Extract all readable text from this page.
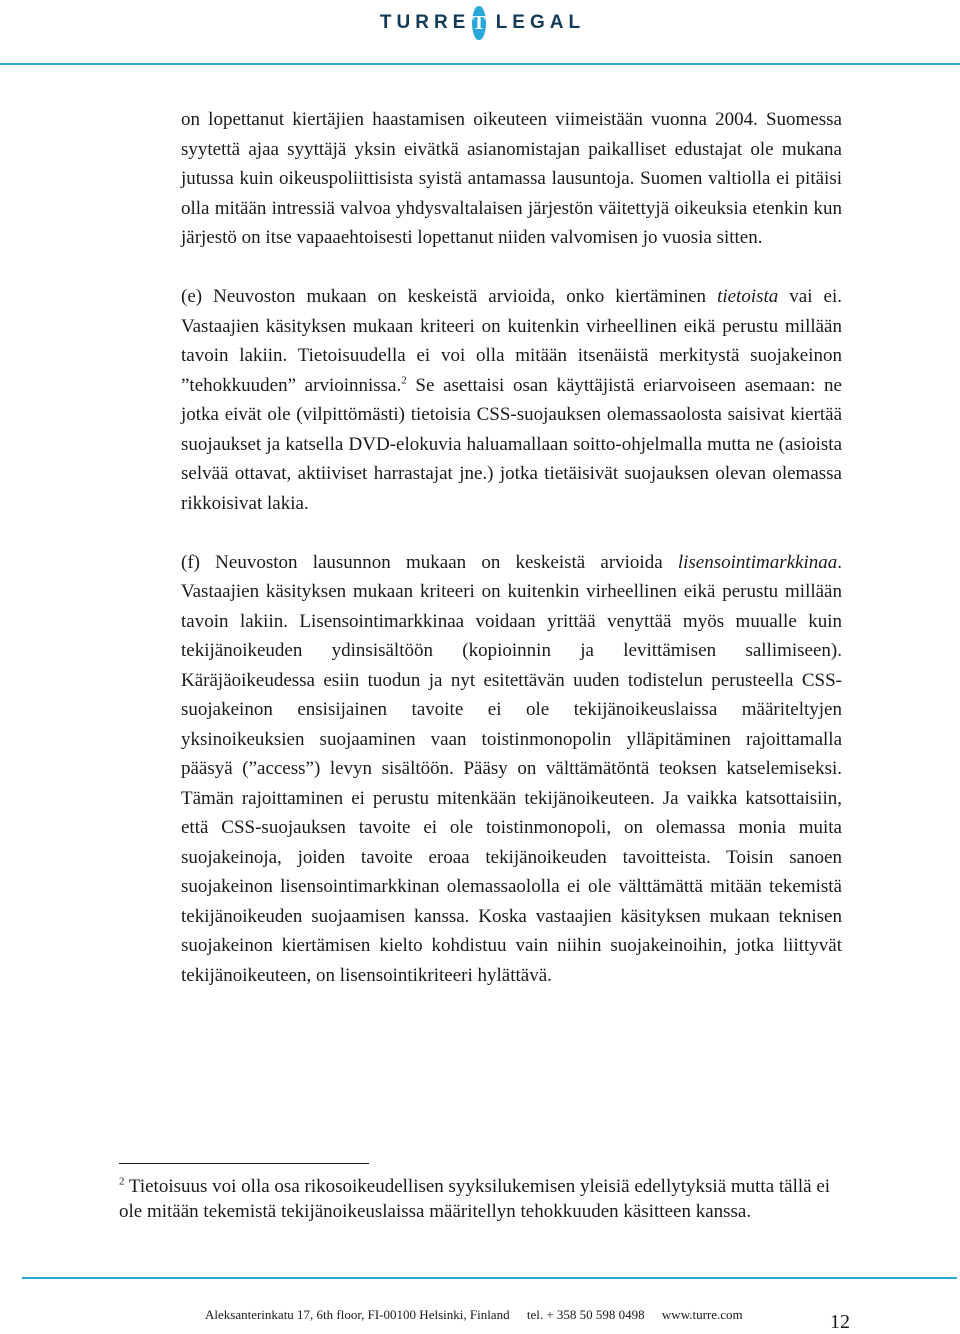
TURRE T LEGAL

on lopettanut kiertäjien haastamisen oikeuteen viimeistään vuonna 2004. Suomessa syytettä ajaa syyttäjä yksin eivätkä asianomistajan paikalliset edustajat ole mukana jutussa kuin oikeuspoliittisista syistä antamassa lausuntoja. Suomen valtiolla ei pitäisi olla mitään intressiä valvoa yhdysvaltalaisen järjestön väitettyjä oikeuksia etenkin kun järjestö on itse vapaaehtoisesti lopettanut niiden valvomisen jo vuosia sitten.

(e) Neuvoston mukaan on keskeistä arvioida, onko kiertäminen tietoista vai ei. Vastaajien käsityksen mukaan kriteeri on kuitenkin virheellinen eikä perustu millään tavoin lakiin. Tietoisuudella ei voi olla mitään itsenäistä merkitystä suojakeinon ”tehokkuuden” arvioinnissa.$^2$ Se asettaisi osan käyttäjistä eriarvoiseen asemaan: ne jotka eivät ole (vilpittömästi) tietoisia CSS-suojauksen olemassaolosta saisivat kiertää suojaukset ja katsella DVD-elokuvia haluamallaan soitto-ohjelmalla mutta ne (asioista selvää ottavat, aktiiviset harrastajat jne.) jotka tietäisivät suojauksen olevan olemassa rikkoisivat lakia.

(f) Neuvoston lausunnon mukaan on keskeistä arvioida lisensointimarkkinaa. Vastaajien käsityksen mukaan kriteeri on kuitenkin virheellinen eikä perustu millään tavoin lakiin. Lisensointimarkkinaa voidaan yrittää venyttää myös muualle kuin tekijänoikeuden ydinsisältöön (kopioinnin ja levittämisen sallimiseen). Käräjäoikeudessa esiin tuodun ja nyt esitettävän uuden todistelun perusteella CSS-suojakeinon ensisijainen tavoite ei ole tekijänoikeuslaissa määriteltyjen yksinoikeuksien suojaaminen vaan toistinmonopolin ylläpitäminen rajoittamalla pääsyä (”access”) levyn sisältöön. Pääsy on välttämätöntä teoksen katselemiseksi. Tämän rajoittaminen ei perustu mitenkään tekijänoikeuteen. Ja vaikka katsottaisiin, että CSS-suojauksen tavoite ei ole toistinmonopoli, on olemassa monia muita suojakeinoja, joiden tavoite eroaa tekijänoikeuden tavoitteista. Toisin sanoen suojakeinon lisensointimarkkinan olemassaololla ei ole välttämättä mitään tekemistä tekijänoikeuden suojaamisen kanssa. Koska vastaajien käsityksen mukaan teknisen suojakeinon kiertämisen kielto kohdistuu vain niihin suojakeinoihin, jotka liittyvät tekijänoikeuteen, on lisensointikriteeri hylättävä.

$^2$ Tietoisuus voi olla osa rikosoikeudellisen syyksilukemisen yleisiä edellytyksiä mutta tällä ei ole mitään tekemistä tekijänoikeuslaissa määritellyn tehokkuuden käsitteen kanssa.
Aleksanterinkatu 17, 6th floor, FI-00100 Helsinki, Finland tel. + 358 50 598 0498 www.turre.com	12
